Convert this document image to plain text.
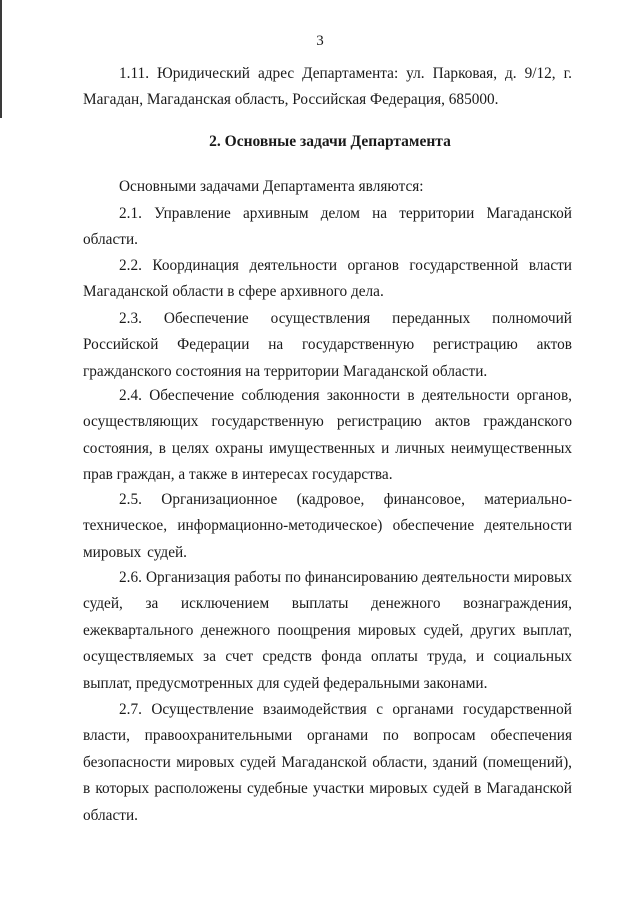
3

1.11. Юридический адрес Департамента: ул. Парковая, д. 9/12, г. Магадан, Магаданская область, Российская Федерация, 685000.

2. Основные задачи Департамента

Основными задачами Департамента являются:

2.1. Управление архивным делом на территории Магаданской области.

2.2. Координация деятельности органов государственной власти Магаданской области в сфере архивного дела.

2.3. Обеспечение осуществления переданных полномочий Российской Федерации на государственную регистрацию актов гражданского состояния на территории Магаданской области.

2.4. Обеспечение соблюдения законности в деятельности органов, осуществляющих государственную регистрацию актов гражданского состояния, в целях охраны имущественных и личных неимущественных прав граждан, а также в интересах государства.

2.5. Организационное (кадровое, финансовое, материально-техническое, информационно-методическое) обеспечение деятельности мировых судей.

2.6. Организация работы по финансированию деятельности мировых судей, за исключением выплаты денежного вознаграждения, ежеквартального денежного поощрения мировых судей, других выплат, осуществляемых за счет средств фонда оплаты труда, и социальных выплат, предусмотренных для судей федеральными законами.

2.7. Осуществление взаимодействия с органами государственной власти, правоохранительными органами по вопросам обеспечения безопасности мировых судей Магаданской области, зданий (помещений), в которых расположены судебные участки мировых судей в Магаданской области.
